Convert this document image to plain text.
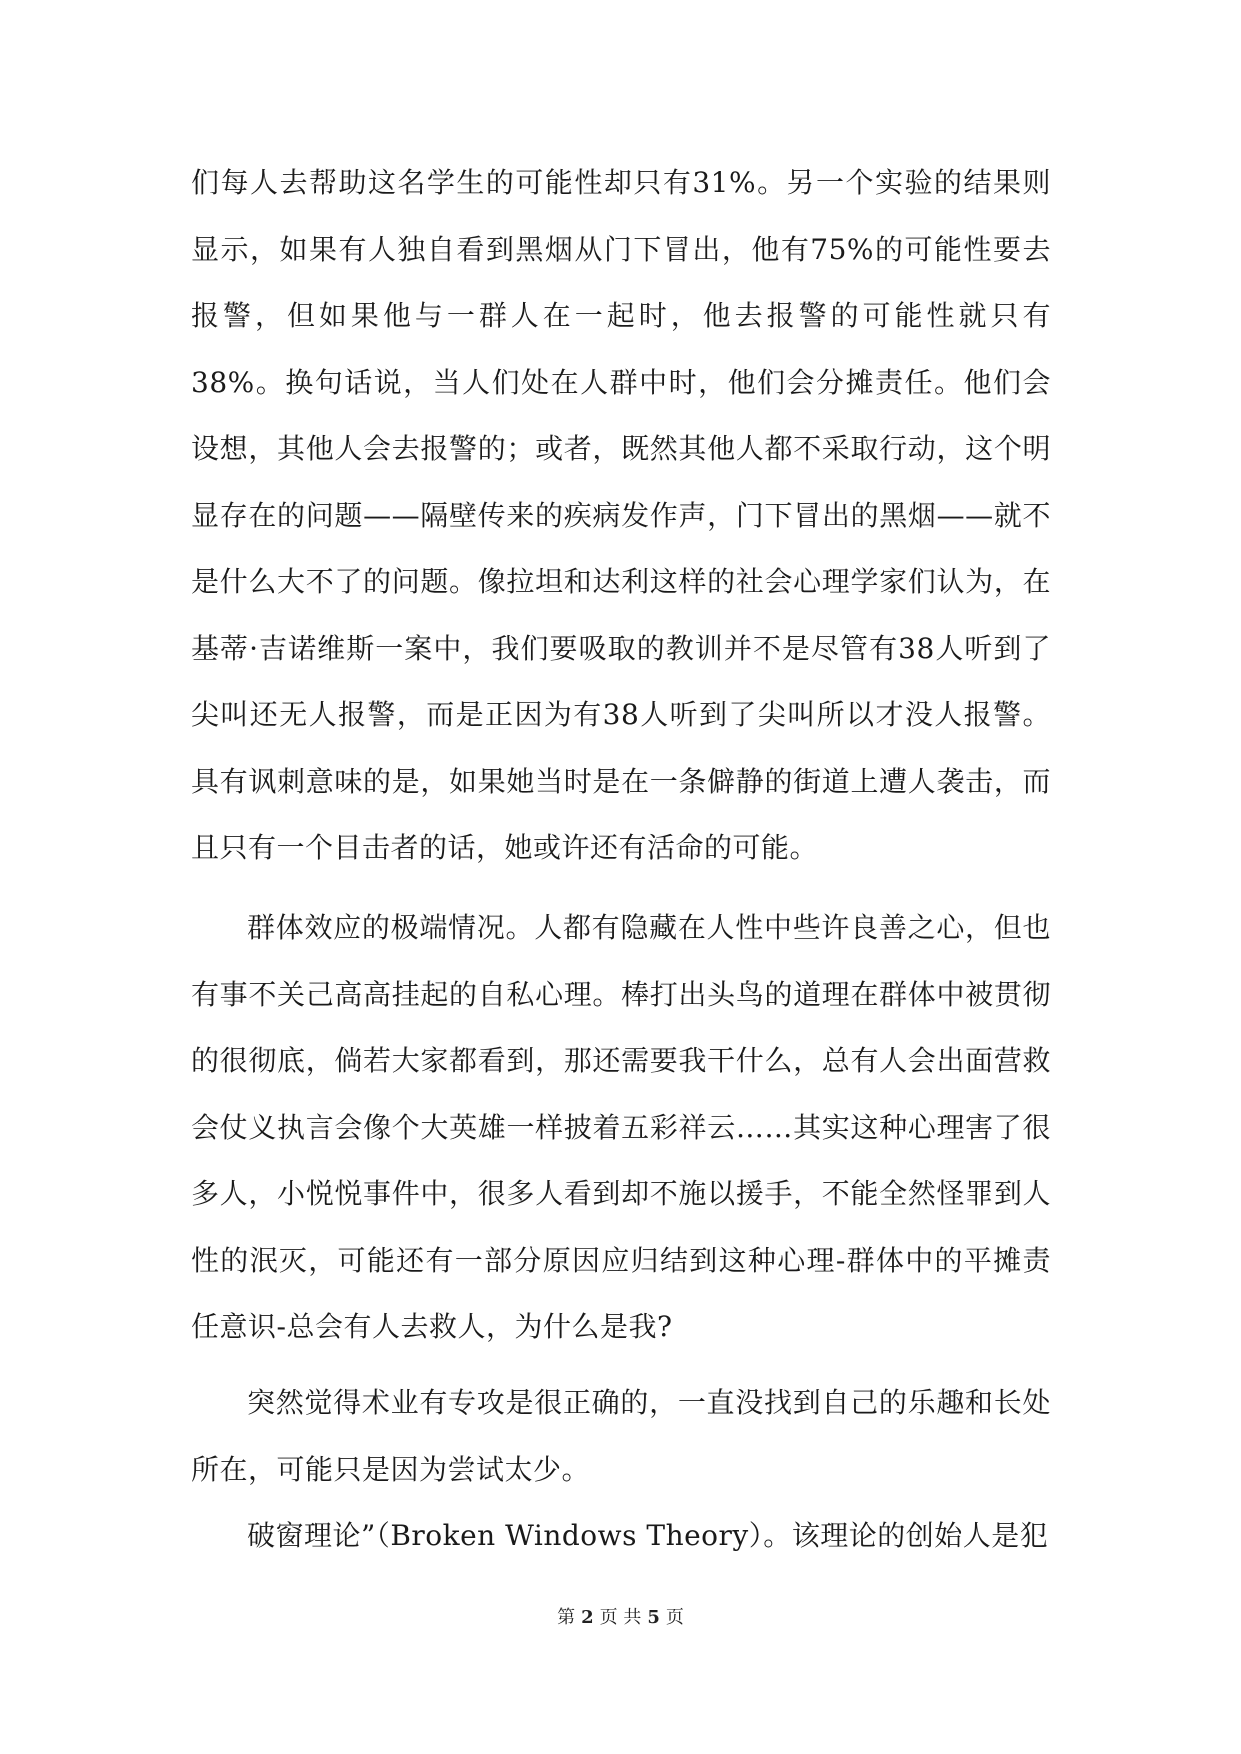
们每人去帮助这名学生的可能性却只有31%。另一个实验的结果则显示，如果有人独自看到黑烟从门下冒出，他有75%的可能性要去报警，但如果他与一群人在一起时，他去报警的可能性就只有38%。换句话说，当人们处在人群中时，他们会分摊责任。他们会设想，其他人会去报警的；或者，既然其他人都不采取行动，这个明显存在的问题——隔壁传来的疾病发作声，门下冒出的黑烟——就不是什么大不了的问题。像拉坦和达利这样的社会心理学家们认为，在基蒂·吉诺维斯一案中，我们要吸取的教训并不是尽管有38人听到了尖叫还无人报警，而是正因为有38人听到了尖叫所以才没人报警。具有讽刺意味的是，如果她当时是在一条僻静的街道上遭人袭击，而且只有一个目击者的话，她或许还有活命的可能。

群体效应的极端情况。人都有隐藏在人性中些许良善之心，但也有事不关己高高挂起的自私心理。棒打出头鸟的道理在群体中被贯彻的很彻底，倘若大家都看到，那还需要我干什么，总有人会出面营救会仗义执言会像个大英雄一样披着五彩祥云……其实这种心理害了很多人，小悦悦事件中，很多人看到却不施以援手，不能全然怪罪到人性的泯灭，可能还有一部分原因应归结到这种心理-群体中的平摊责任意识-总会有人去救人，为什么是我?

突然觉得术业有专攻是很正确的，一直没找到自己的乐趣和长处所在，可能只是因为尝试太少。

破窗理论”（Broken Windows Theory）。该理论的创始人是犯

第 2 页 共 5 页
